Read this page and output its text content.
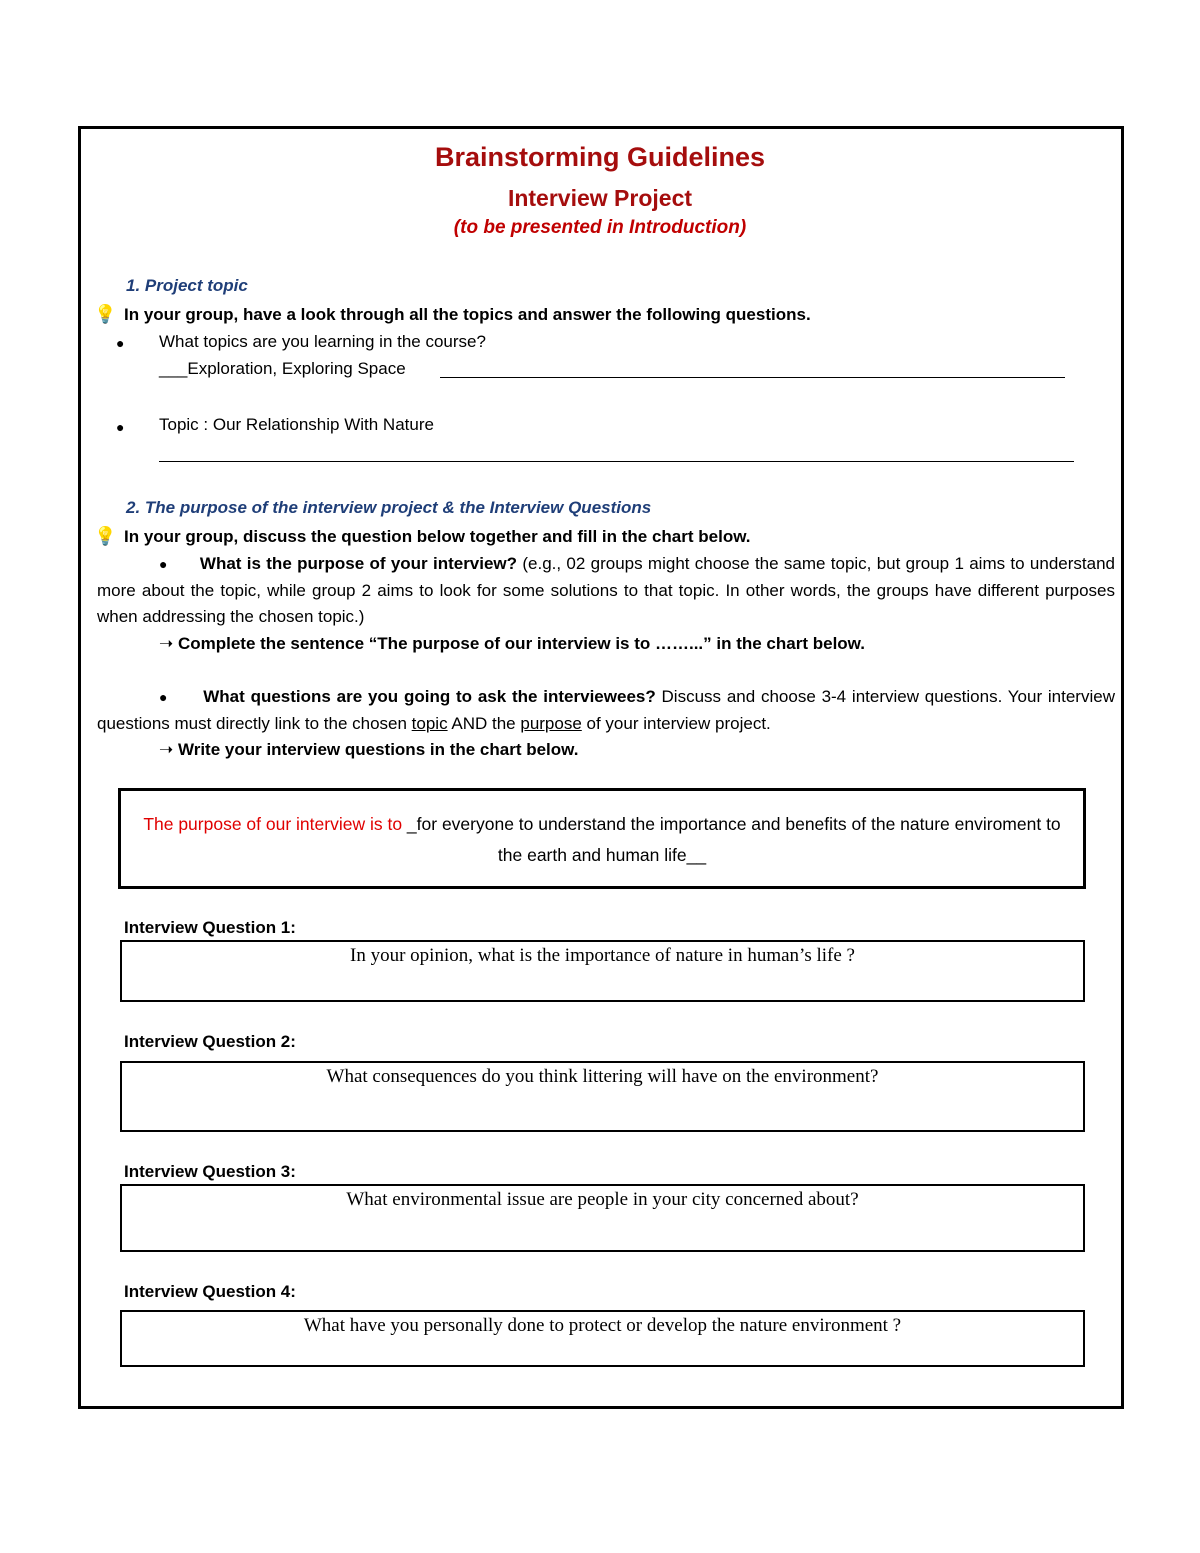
Brainstorming Guidelines
Interview Project
(to be presented in Introduction)
1. Project topic
💡 In your group, have a look through all the topics and answer the following questions.
● What topics are you learning in the course?
___Exploration, Exploring Space
● Topic : Our Relationship With Nature
2. The purpose of the interview project & the Interview Questions
💡 In your group, discuss the question below together and fill in the chart below.
● What is the purpose of your interview? (e.g., 02 groups might choose the same topic, but group 1 aims to understand more about the topic, while group 2 aims to look for some solutions to that topic. In other words, the groups have different purposes when addressing the chosen topic.)
➝ Complete the sentence “The purpose of our interview is to ……...” in the chart below.
● What questions are you going to ask the interviewees? Discuss and choose 3-4 interview questions. Your interview questions must directly link to the chosen topic AND the purpose of your interview project.
➝ Write your interview questions in the chart below.
The purpose of our interview is to _for everyone to understand the importance and benefits of the nature enviroment to the earth and human life__
Interview Question 1:
In your opinion, what is the importance of nature in human’s life ?
Interview Question 2:
What consequences do you think littering will have on the environment?
Interview Question 3:
What environmental issue are people in your city concerned about?
Interview Question 4:
What have you personally done to protect or develop the nature environment ?
